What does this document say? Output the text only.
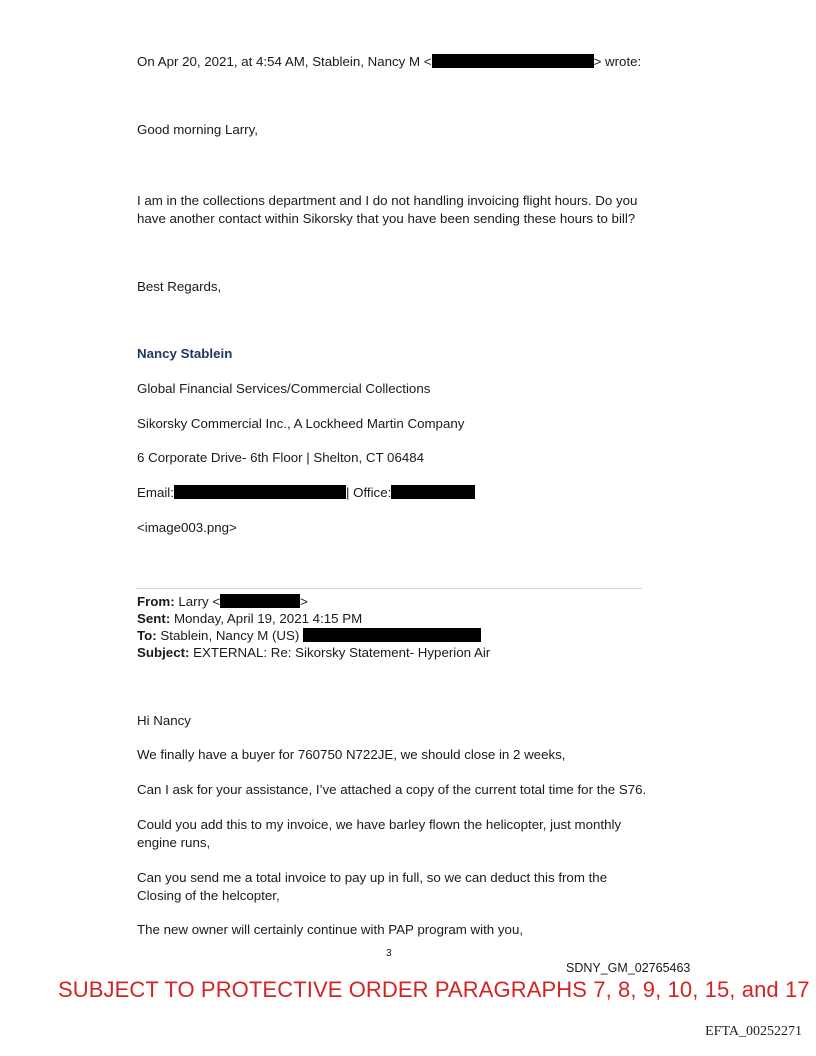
On Apr 20, 2021, at 4:54 AM, Stablein, Nancy M <	> wrote:
Good morning Larry,
I am in the collections department and I do not handling invoicing flight hours. Do you have another contact within Sikorsky that you have been sending these hours to bill?
Best Regards,
Nancy Stablein
Global Financial Services/Commercial Collections
Sikorsky Commercial Inc., A Lockheed Martin Company
6 Corporate Drive- 6th Floor | Shelton, CT 06484
Email:	| Office:
<image003.png>
From: Larry <	>
Sent: Monday, April 19, 2021 4:15 PM
To: Stablein, Nancy M (US)
Subject: EXTERNAL: Re: Sikorsky Statement- Hyperion Air
Hi Nancy
We finally have a buyer for 760750 N722JE, we should close in 2 weeks,
Can I ask for your assistance, I’ve attached a copy of the current total time for the S76.
Could you add this to my invoice, we have barley flown the helicopter, just monthly engine runs,
Can you send me a total invoice to pay up in full, so we can deduct this from the Closing of the helcopter,
The new owner will certainly continue with PAP program with you,
3
SDNY_GM_02765463
SUBJECT TO PROTECTIVE ORDER PARAGRAPHS 7, 8, 9, 10, 15, and 17
EFTA_00252271
